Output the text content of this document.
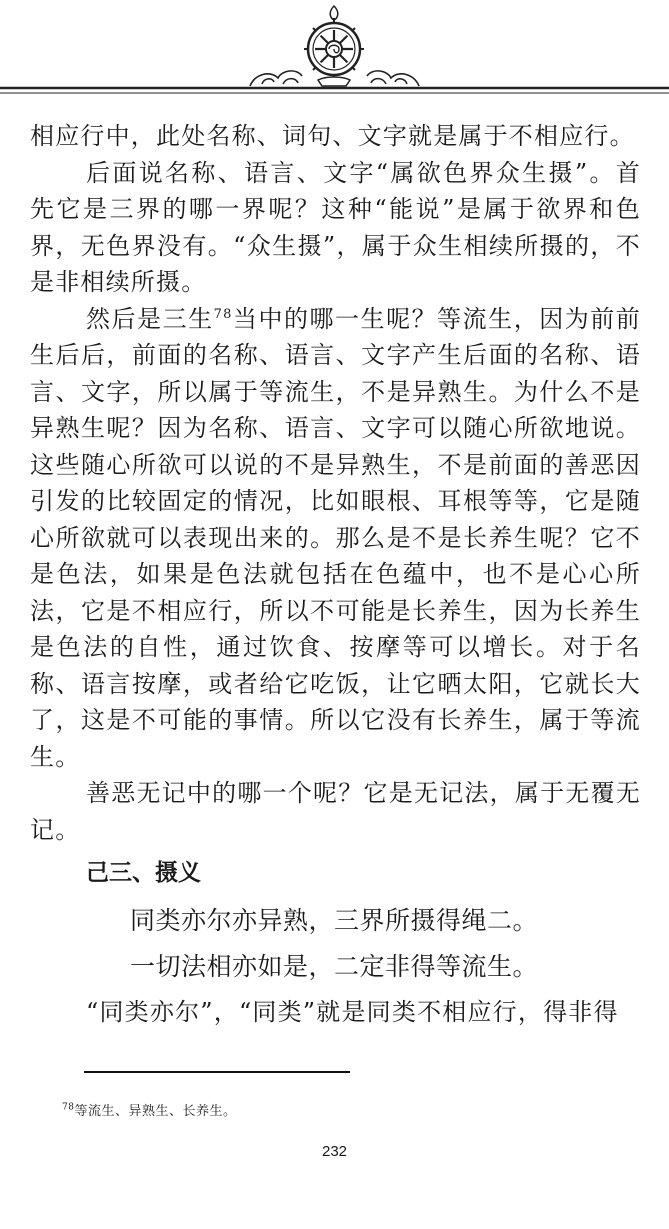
相应行中，此处名称、词句、文字就是属于不相应行。

后面说名称、语言、文字“属欲色界众生摄”。首先它是三界的哪一界呢？这种“能说”是属于欲界和色界，无色界没有。“众生摄”，属于众生相续所摄的，不是非相续所摄。

然后是三生$^{78}$当中的哪一生呢？等流生，因为前前生后后，前面的名称、语言、文字产生后面的名称、语言、文字，所以属于等流生，不是异熟生。为什么不是异熟生呢？因为名称、语言、文字可以随心所欲地说。这些随心所欲可以说的不是异熟生，不是前面的善恶因引发的比较固定的情况，比如眼根、耳根等等，它是随心所欲就可以表现出来的。那么是不是长养生呢？它不是色法，如果是色法就包括在色蕴中，也不是心心所法，它是不相应行，所以不可能是长养生，因为长养生是色法的自性，通过饮食、按摩等可以增长。对于名称、语言按摩，或者给它吃饭，让它晒太阳，它就长大了，这是不可能的事情。所以它没有长养生，属于等流生。

善恶无记中的哪一个呢？它是无记法，属于无覆无记。

己三、摄义

同类亦尔亦异熟，三界所摄得绳二。

一切法相亦如是，二定非得等流生。

“同类亦尔”，“同类”就是同类不相应行，得非得

$^{78}$等流生、异熟生、长养生。
232
